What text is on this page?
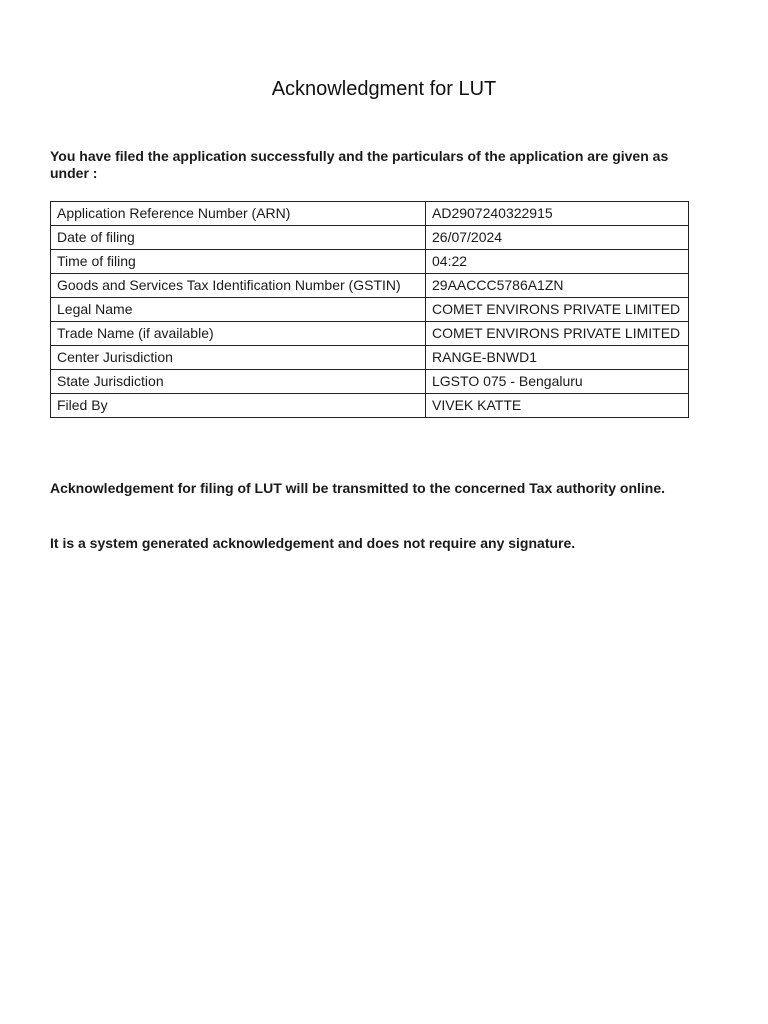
Acknowledgment for LUT

You have filed the application successfully and the particulars of the application are given as under :

Application Reference Number (ARN)	AD2907240322915
Date of filing	26/07/2024
Time of filing	04:22
Goods and Services Tax Identification Number (GSTIN)	29AACCC5786A1ZN
Legal Name	COMET ENVIRONS PRIVATE LIMITED
Trade Name (if available)	COMET ENVIRONS PRIVATE LIMITED
Center Jurisdiction	RANGE-BNWD1
State Jurisdiction	LGSTO 075 - Bengaluru
Filed By	VIVEK KATTE

Acknowledgement for filing of LUT will be transmitted to the concerned Tax authority online.

It is a system generated acknowledgement and does not require any signature.
